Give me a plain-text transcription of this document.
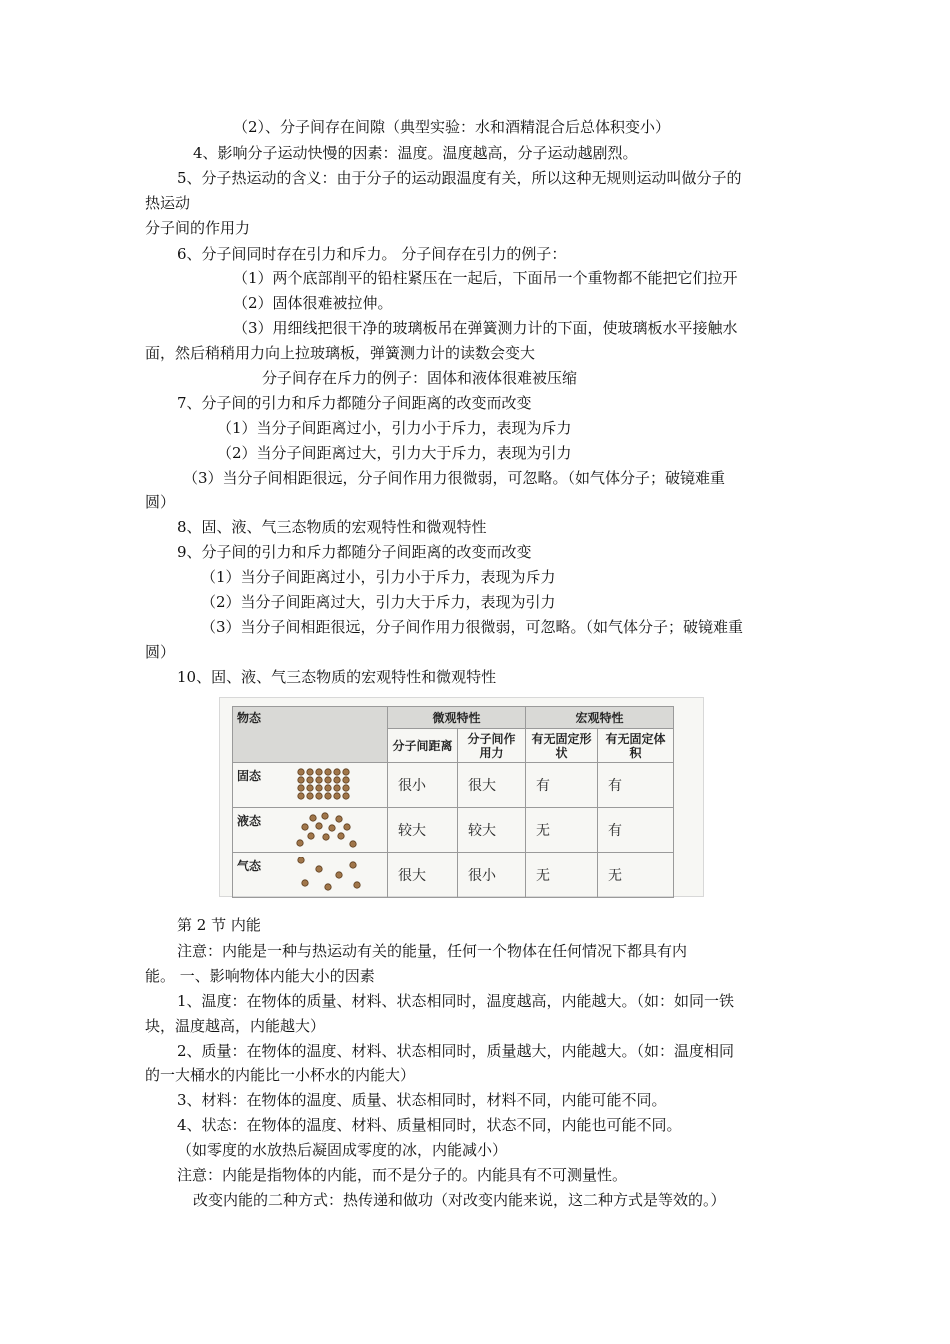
（2）、分子间存在间隙（典型实验：水和酒精混合后总体积变小）

4、影响分子运动快慢的因素：温度。温度越高，分子运动越剧烈。

5、分子热运动的含义：由于分子的运动跟温度有关，所以这种无规则运动叫做分子的

热运动

分子间的作用力

6、分子间同时存在引力和斥力。 分子间存在引力的例子：

（1）两个底部削平的铅柱紧压在一起后，下面吊一个重物都不能把它们拉开

（2）固体很难被拉伸。

（3）用细线把很干净的玻璃板吊在弹簧测力计的下面，使玻璃板水平接触水

面，然后稍稍用力向上拉玻璃板，弹簧测力计的读数会变大

分子间存在斥力的例子：固体和液体很难被压缩

7、分子间的引力和斥力都随分子间距离的改变而改变

（1）当分子间距离过小，引力小于斥力，表现为斥力

（2）当分子间距离过大，引力大于斥力，表现为引力

（3）当分子间相距很远，分子间作用力很微弱，可忽略。（如气体分子；破镜难重

圆）

8、固、液、气三态物质的宏观特性和微观特性

9、分子间的引力和斥力都随分子间距离的改变而改变

（1）当分子间距离过小，引力小于斥力，表现为斥力

（2）当分子间距离过大，引力大于斥力，表现为引力

（3）当分子间相距很远，分子间作用力很微弱，可忽略。（如气体分子；破镜难重

圆）

10、固、液、气三态物质的宏观特性和微观特性

物态	微观特性		宏观特性	
	分子间距离	分子间作用力	有无固定形状	有无固定体积

固态	很小	很大	有	有

液态	较大	较大	无	有

气态	很大	很小	无	无

第 2 节 内能

注意：内能是一种与热运动有关的能量，任何一个物体在任何情况下都具有内

能。 一、影响物体内能大小的因素

1、温度：在物体的质量、材料、状态相同时，温度越高，内能越大。（如：如同一铁

块，温度越高，内能越大）

2、质量：在物体的温度、材料、状态相同时，质量越大，内能越大。（如：温度相同

的一大桶水的内能比一小杯水的内能大）

3、材料：在物体的温度、质量、状态相同时，材料不同，内能可能不同。

4、状态：在物体的温度、材料、质量相同时，状态不同，内能也可能不同。

（如零度的水放热后凝固成零度的冰，内能减小）

注意：内能是指物体的内能，而不是分子的。内能具有不可测量性。

改变内能的二种方式：热传递和做功（对改变内能来说，这二种方式是等效的。）
